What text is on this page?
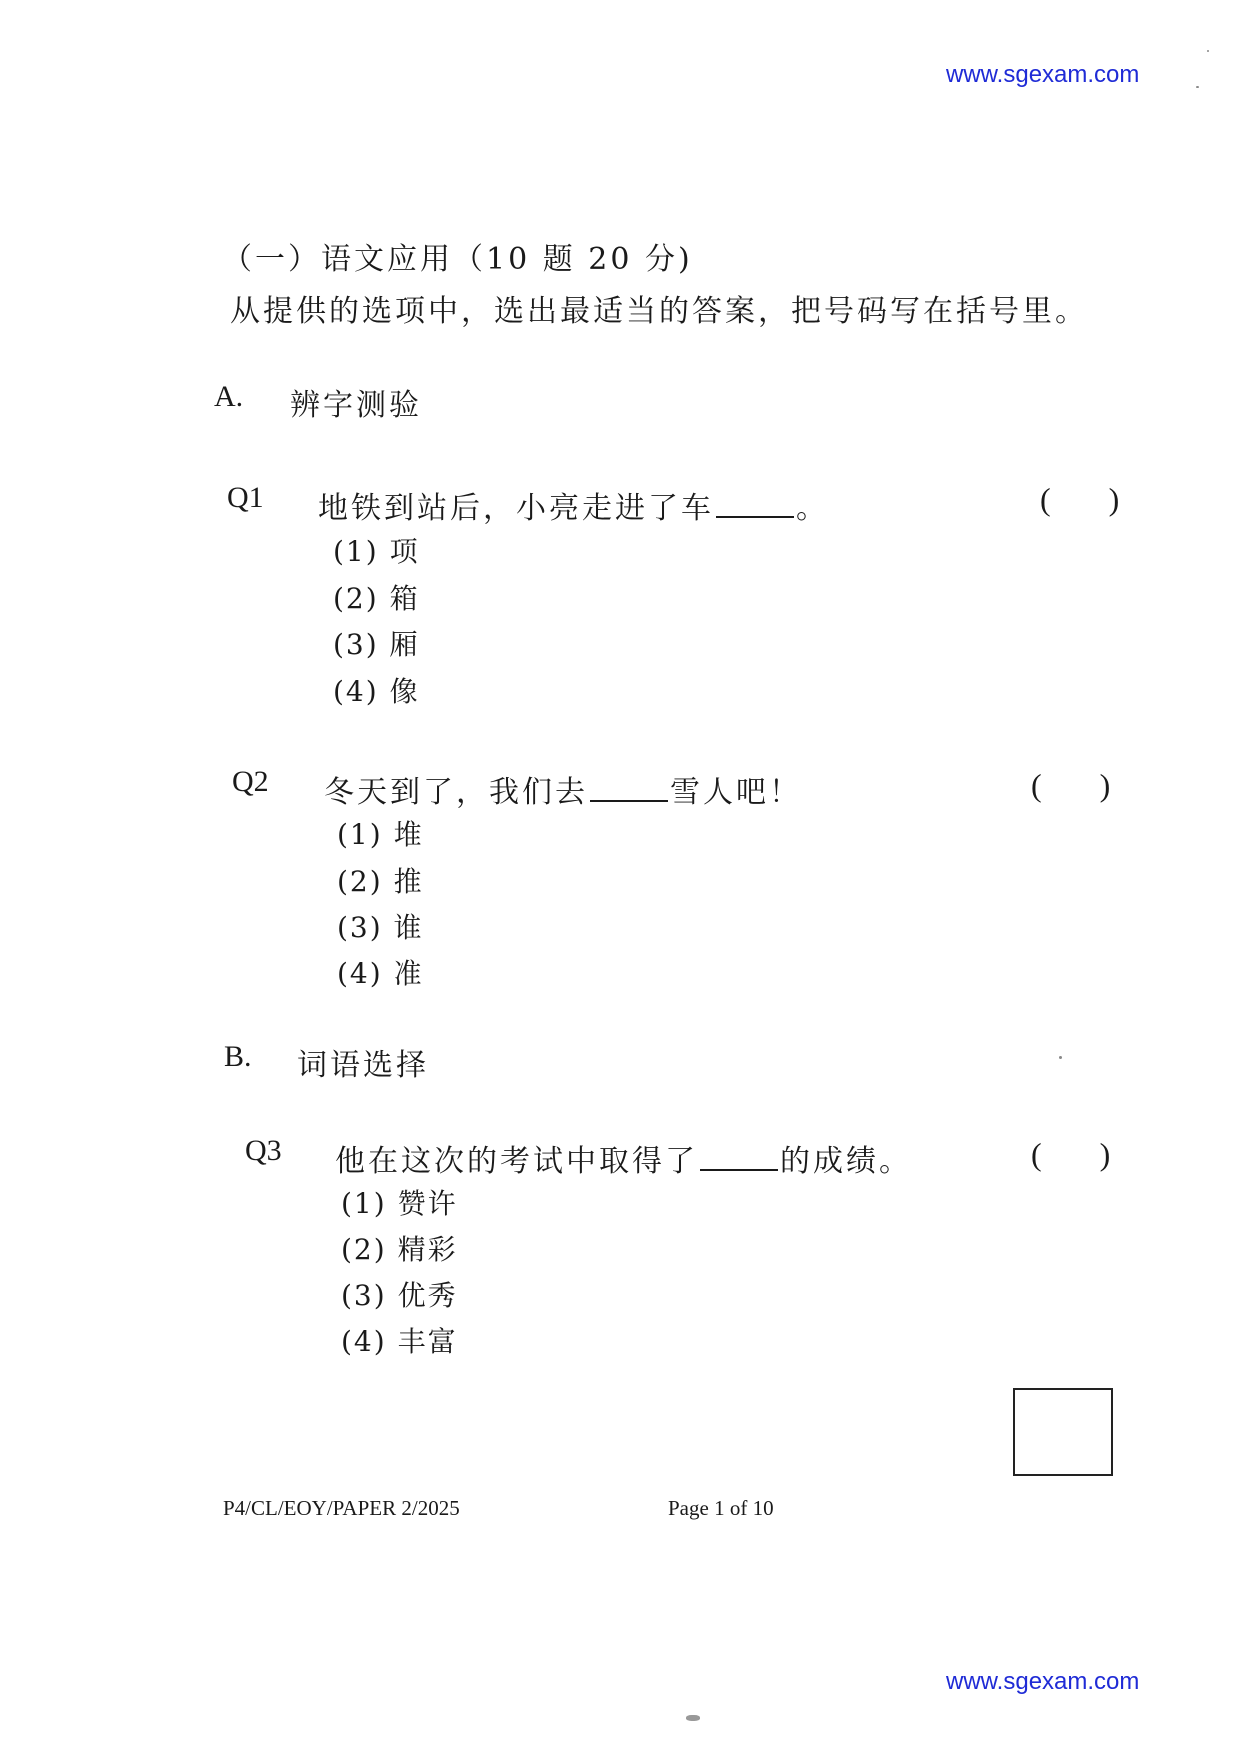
www.sgexam.com
www.sgexam.com
（一）语文应用（10 题 20 分)
从提供的选项中，选出最适当的答案，把号码写在括号里。
A. 辨字测验
Q1 地铁到站后，小亮走进了车	。	( )
(1) 项
(2) 箱
(3) 厢
(4) 像
Q2 冬天到了，我们去	雪人吧！	( )
(1) 堆
(2) 推
(3) 谁
(4) 准
B. 词语选择
Q3 他在这次的考试中取得了	的成绩。	( )
(1) 赞许
(2) 精彩
(3) 优秀
(4) 丰富
P4/CL/EOY/PAPER 2/2025	Page 1 of 10
